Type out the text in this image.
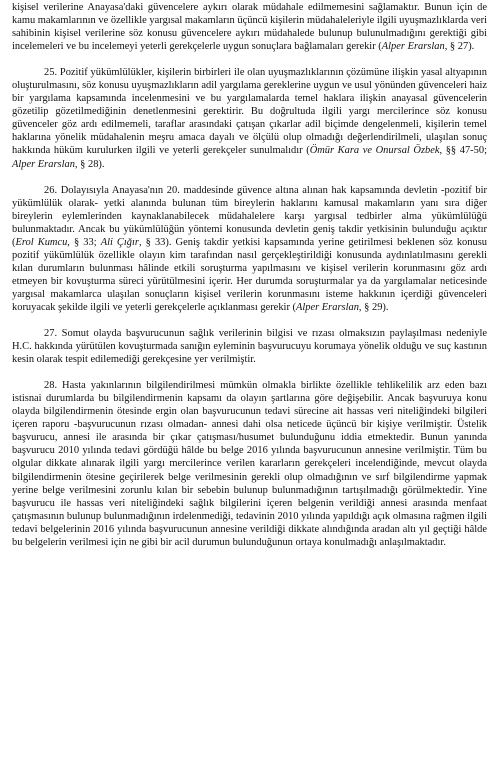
kişisel verilerine Anayasa'daki güvencelere aykırı olarak müdahale edilmemesini sağlamaktır. Bunun için de kamu makamlarının ve özellikle yargısal makamların üçüncü kişilerin müdahaleleriyle ilgili uyuşmazlıklarda veri sahibinin kişisel verilerine söz konusu güvencelere aykırı müdahalede bulunup bulunulmadığını gerektiği gibi incelemeleri ve bu incelemeyi yeterli gerekçelerle uygun sonuçlara bağlamaları gerekir (Alper Erarslan, § 27).

25. Pozitif yükümlülükler, kişilerin birbirleri ile olan uyuşmazlıklarının çözümüne ilişkin yasal altyapının oluşturulmasını, söz konusu uyuşmazlıkların adil yargılama gereklerine uygun ve usul yönünden güvenceleri haiz bir yargılama kapsamında incelenmesini ve bu yargılamalarda temel haklara ilişkin anayasal güvencelerin gözetilip gözetilmediğinin denetlenmesini gerektirir. Bu doğrultuda ilgili yargı mercilerince söz konusu güvenceler göz ardı edilmemeli, taraflar arasındaki çatışan çıkarlar adil biçimde dengelenmeli, kişilerin temel haklarına yönelik müdahalenin meşru amaca dayalı ve ölçülü olup olmadığı değerlendirilmeli, ulaşılan sonuç hakkında hüküm kurulurken ilgili ve yeterli gerekçeler sunulmalıdır (Ömür Kara ve Onursal Özbek, §§ 47-50; Alper Erarslan, § 28).

26. Dolayısıyla Anayasa'nın 20. maddesinde güvence altına alınan hak kapsamında devletin -pozitif bir yükümlülük olarak- yetki alanında bulunan tüm bireylerin haklarını kamusal makamların yanı sıra diğer bireylerin eylemlerinden kaynaklanabilecek müdahalelere karşı yargısal tedbirler alma yükümlülüğü bulunmaktadır. Ancak bu yükümlülüğün yöntemi konusunda devletin geniş takdir yetkisinin bulunduğu açıktır (Erol Kumcu, § 33; Ali Çığır, § 33). Geniş takdir yetkisi kapsamında yerine getirilmesi beklenen söz konusu pozitif yükümlülük özellikle olayın kim tarafından nasıl gerçekleştirildiği konusunda aydınlatılmasını gerekli kılan durumların bulunması hâlinde etkili soruşturma yapılmasını ve kişisel verilerin korunmasını göz ardı etmeyen bir kovuşturma süreci yürütülmesini içerir. Her durumda soruşturmalar ya da yargılamalar neticesinde yargısal makamlarca ulaşılan sonuçların kişisel verilerin korunmasını isteme hakkının içerdiği güvenceleri koruyacak şekilde ilgili ve yeterli gerekçelerle açıklanması gerekir (Alper Erarslan, § 29).

27. Somut olayda başvurucunun sağlık verilerinin bilgisi ve rızası olmaksızın paylaşılması nedeniyle H.C. hakkında yürütülen kovuşturmada sanığın eyleminin başvurucuyu korumaya yönelik olduğu ve suç kastının kesin olarak tespit edilemediği gerekçesine yer verilmiştir.

28. Hasta yakınlarının bilgilendirilmesi mümkün olmakla birlikte özellikle tehlikelilik arz eden bazı istisnai durumlarda bu bilgilendirmenin kapsamı da olayın şartlarına göre değişebilir. Ancak başvuruya konu olayda bilgilendirmenin ötesinde ergin olan başvurucunun tedavi sürecine ait hassas veri niteliğindeki bilgileri içeren raporu -başvurucunun rızası olmadan- annesi dahi olsa neticede üçüncü bir kişiye verilmiştir. Üstelik başvurucu, annesi ile arasında bir çıkar çatışması/husumet bulunduğunu iddia etmektedir. Bunun yanında başvurucu 2010 yılında tedavi gördüğü hâlde bu belge 2016 yılında başvurucunun annesine verilmiştir. Tüm bu olgular dikkate alınarak ilgili yargı mercilerince verilen kararların gerekçeleri incelendiğinde, mevcut olayda bilgilendirmenin ötesine geçirilerek belge verilmesinin gerekli olup olmadığının ve sırf bilgilendirme yapmak yerine belge verilmesini zorunlu kılan bir sebebin bulunup bulunmadığının tartışılmadığı görülmektedir. Yine başvurucu ile hassas veri niteliğindeki sağlık bilgilerini içeren belgenin verildiği annesi arasında menfaat çatışmasının bulunup bulunmadığının irdelenmediği, tedavinin 2010 yılında yapıldığı açık olmasına rağmen ilgili tedavi belgelerinin 2016 yılında başvurucunun annesine verildiği dikkate alındığında aradan altı yıl geçtiği hâlde bu belgelerin verilmesi için ne gibi bir acil durumun bulunduğunun ortaya konulmadığı anlaşılmaktadır.
